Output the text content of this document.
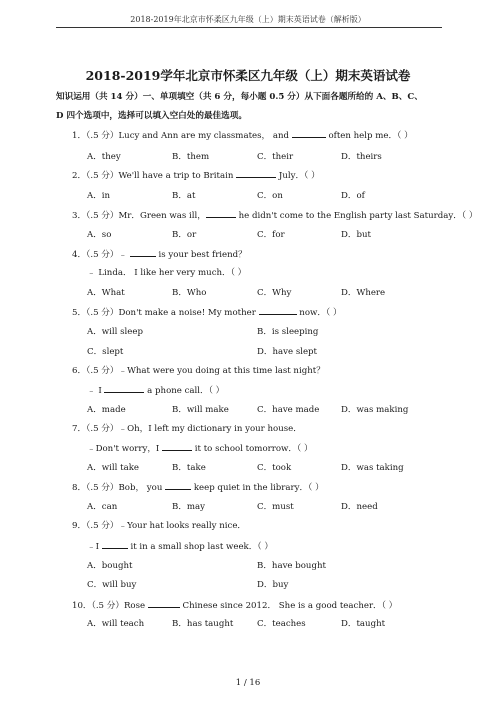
2018-2019年北京市怀柔区九年级（上）期末英语试卷（解析版）
2018-2019学年北京市怀柔区九年级（上）期末英语试卷
知识运用（共 14 分）一、单项填空（共 6 分，每小题 0.5 分）从下面各题所给的 A、B、C、
D 四个选项中，选择可以填入空白处的最佳选项。
1．（.5 分）Lucy and Ann are my classmates， and	often help me．（ ）
A．they	B．them	C．their	D．theirs
2．（.5 分）We'll have a trip to Britain	July．（ ）
A．in	B．at	C．on	D．of
3．（.5 分）Mr．Green was ill，	he didn't come to the English party last Saturday．（ ）
A．so	B．or	C．for	D．but
4．（.5 分）﹣	is your best friend？
﹣ Linda． I like her very much．（ ）
A．What	B．Who	C．Why	D．Where
5．（.5 分）Don't make a noise! My mother	now．（ ）
A．will sleep	B．is sleeping
C．slept	D．have slept
6．（.5 分）﹣What were you doing at this time last night？
﹣ I	a phone call．（ ）
A．made	B．will make	C．have made	D．was making
7．（.5 分）﹣Oh，I left my dictionary in your house．
﹣Don't worry，I	it to school tomorrow．（ ）
A．will take	B．take	C．took	D．was taking
8．（.5 分）Bob， you	keep quiet in the library．（ ）
A．can	B．may	C．must	D．need
9．（.5 分）﹣Your hat looks really nice．
﹣I	it in a small shop last week．（ ）
A．bought	B．have bought
C．will buy	D．buy
10．（.5 分）Rose	Chinese since 2012． She is a good teacher．（ ）
A．will teach	B．has taught	C．teaches	D．taught
1 / 16
